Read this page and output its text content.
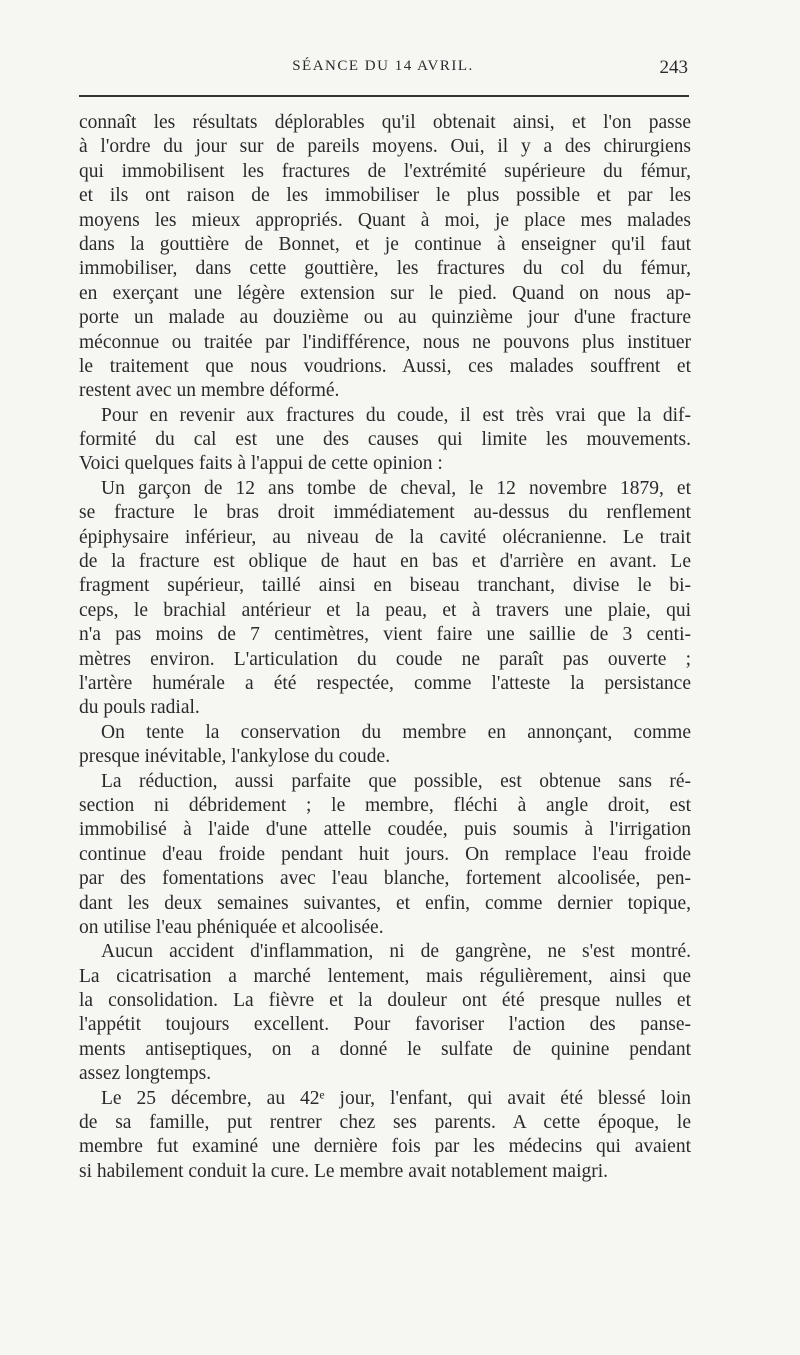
SÉANCE DU 14 AVRIL.	243
connaît les résultats déplorables qu'il obtenait ainsi, et l'on passe
à l'ordre du jour sur de pareils moyens. Oui, il y a des chirurgiens
qui immobilisent les fractures de l'extrémité supérieure du fémur,
et ils ont raison de les immobiliser le plus possible et par les
moyens les mieux appropriés. Quant à moi, je place mes malades
dans la gouttière de Bonnet, et je continue à enseigner qu'il faut
immobiliser, dans cette gouttière, les fractures du col du fémur,
en exerçant une légère extension sur le pied. Quand on nous ap-
porte un malade au douzième ou au quinzième jour d'une fracture
méconnue ou traitée par l'indifférence, nous ne pouvons plus instituer
le traitement que nous voudrions. Aussi, ces malades souffrent et
restent avec un membre déformé.
Pour en revenir aux fractures du coude, il est très vrai que la dif-
formité du cal est une des causes qui limite les mouvements.
Voici quelques faits à l'appui de cette opinion :
Un garçon de 12 ans tombe de cheval, le 12 novembre 1879, et
se fracture le bras droit immédiatement au-dessus du renflement
épiphysaire inférieur, au niveau de la cavité olécranienne. Le trait
de la fracture est oblique de haut en bas et d'arrière en avant. Le
fragment supérieur, taillé ainsi en biseau tranchant, divise le bi-
ceps, le brachial antérieur et la peau, et à travers une plaie, qui
n'a pas moins de 7 centimètres, vient faire une saillie de 3 centi-
mètres environ. L'articulation du coude ne paraît pas ouverte ;
l'artère humérale a été respectée, comme l'atteste la persistance
du pouls radial.
On tente la conservation du membre en annonçant, comme
presque inévitable, l'ankylose du coude.
La réduction, aussi parfaite que possible, est obtenue sans ré-
section ni débridement ; le membre, fléchi à angle droit, est
immobilisé à l'aide d'une attelle coudée, puis soumis à l'irrigation
continue d'eau froide pendant huit jours. On remplace l'eau froide
par des fomentations avec l'eau blanche, fortement alcoolisée, pen-
dant les deux semaines suivantes, et enfin, comme dernier topique,
on utilise l'eau phéniquée et alcoolisée.
Aucun accident d'inflammation, ni de gangrène, ne s'est montré.
La cicatrisation a marché lentement, mais régulièrement, ainsi que
la consolidation. La fièvre et la douleur ont été presque nulles et
l'appétit toujours excellent. Pour favoriser l'action des panse-
ments antiseptiques, on a donné le sulfate de quinine pendant
assez longtemps.
Le 25 décembre, au 42ᵉ jour, l'enfant, qui avait été blessé loin
de sa famille, put rentrer chez ses parents. A cette époque, le
membre fut examiné une dernière fois par les médecins qui avaient
si habilement conduit la cure. Le membre avait notablement maigri.
